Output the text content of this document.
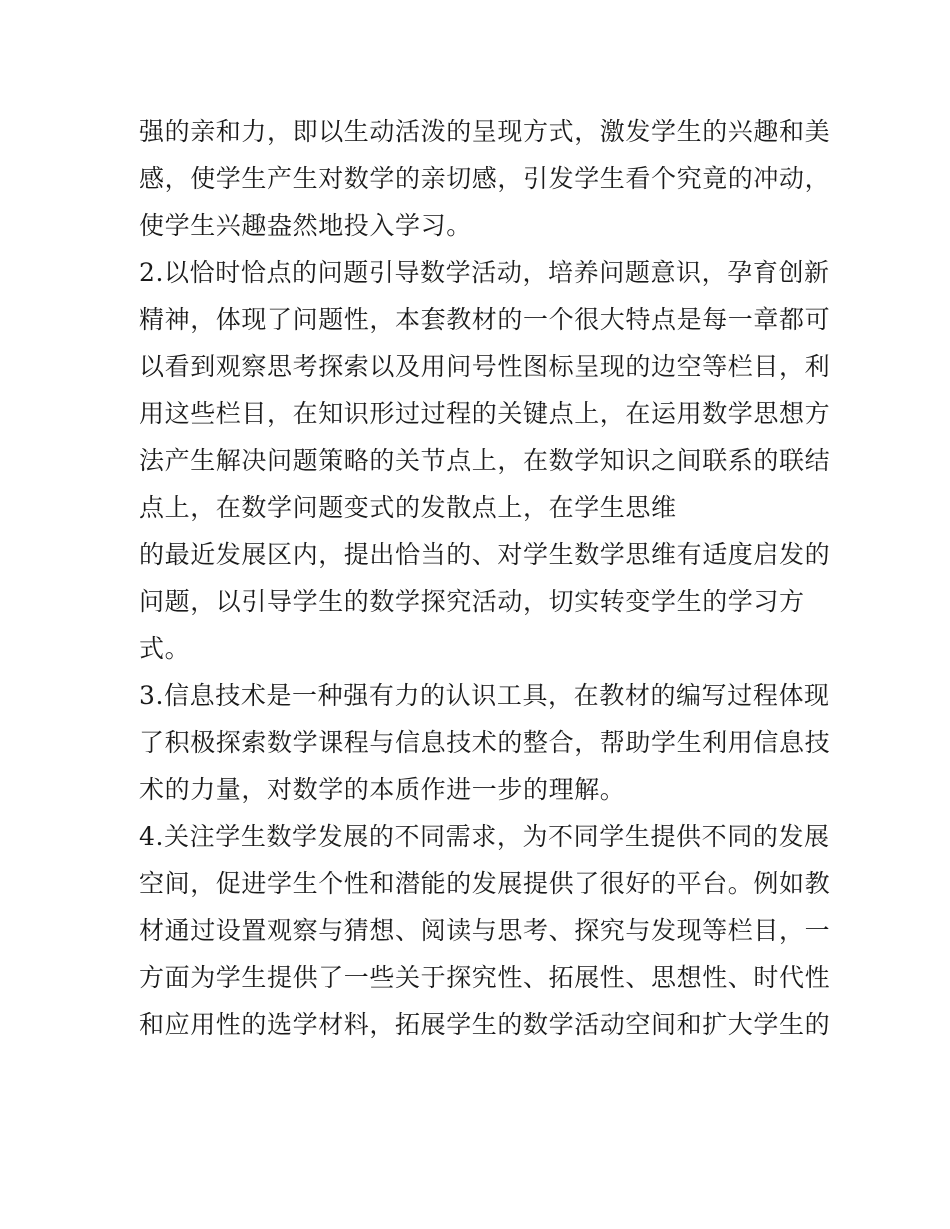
强的亲和力，即以生动活泼的呈现方式，激发学生的兴趣和美
感，使学生产生对数学的亲切感，引发学生看个究竟的冲动，
使学生兴趣盎然地投入学习。
2.以恰时恰点的问题引导数学活动，培养问题意识，孕育创新
精神，体现了问题性，本套教材的一个很大特点是每一章都可
以看到观察思考探索以及用问号性图标呈现的边空等栏目，利
用这些栏目，在知识形过过程的关键点上，在运用数学思想方
法产生解决问题策略的关节点上，在数学知识之间联系的联结
点上，在数学问题变式的发散点上，在学生思维
的最近发展区内，提出恰当的、对学生数学思维有适度启发的
问题，以引导学生的数学探究活动，切实转变学生的学习方
式。
3.信息技术是一种强有力的认识工具，在教材的编写过程体现
了积极探索数学课程与信息技术的整合，帮助学生利用信息技
术的力量，对数学的本质作进一步的理解。
4.关注学生数学发展的不同需求，为不同学生提供不同的发展
空间，促进学生个性和潜能的发展提供了很好的平台。例如教
材通过设置观察与猜想、阅读与思考、探究与发现等栏目，一
方面为学生提供了一些关于探究性、拓展性、思想性、时代性
和应用性的选学材料，拓展学生的数学活动空间和扩大学生的
